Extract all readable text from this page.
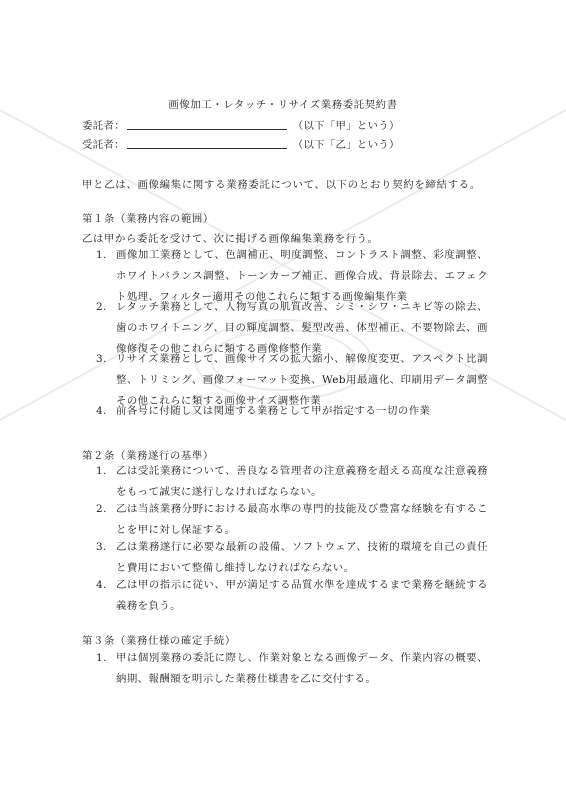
画像加工・レタッチ・リサイズ業務委託契約書
委託者：	（以下「甲」という）
受託者：	（以下「乙」という）
甲と乙は、画像編集に関する業務委託について、以下のとおり契約を締結する。
第１条（業務内容の範囲）
乙は甲から委託を受けて、次に掲げる画像編集業務を行う。
1. 画像加工業務として、色調補正、明度調整、コントラスト調整、彩度調整、ホワイトバランス調整、トーンカーブ補正、画像合成、背景除去、エフェクト処理、フィルター適用その他これらに類する画像編集作業
2. レタッチ業務として、人物写真の肌質改善、シミ・シワ・ニキビ等の除去、歯のホワイトニング、目の輝度調整、髪型改善、体型補正、不要物除去、画像修復その他これらに類する画像修整作業
3. リサイズ業務として、画像サイズの拡大縮小、解像度変更、アスペクト比調整、トリミング、画像フォーマット変換、Web用最適化、印刷用データ調整その他これらに類する画像サイズ調整作業
4. 前各号に付随し又は関連する業務として甲が指定する一切の作業
第２条（業務遂行の基準）
1. 乙は受託業務について、善良なる管理者の注意義務を超える高度な注意義務をもって誠実に遂行しなければならない。
2. 乙は当該業務分野における最高水準の専門的技能及び豊富な経験を有することを甲に対し保証する。
3. 乙は業務遂行に必要な最新の設備、ソフトウェア、技術的環境を自己の責任と費用において整備し維持しなければならない。
4. 乙は甲の指示に従い、甲が満足する品質水準を達成するまで業務を継続する義務を負う。
第３条（業務仕様の確定手続）
1. 甲は個別業務の委託に際し、作業対象となる画像データ、作業内容の概要、納期、報酬額を明示した業務仕様書を乙に交付する。
